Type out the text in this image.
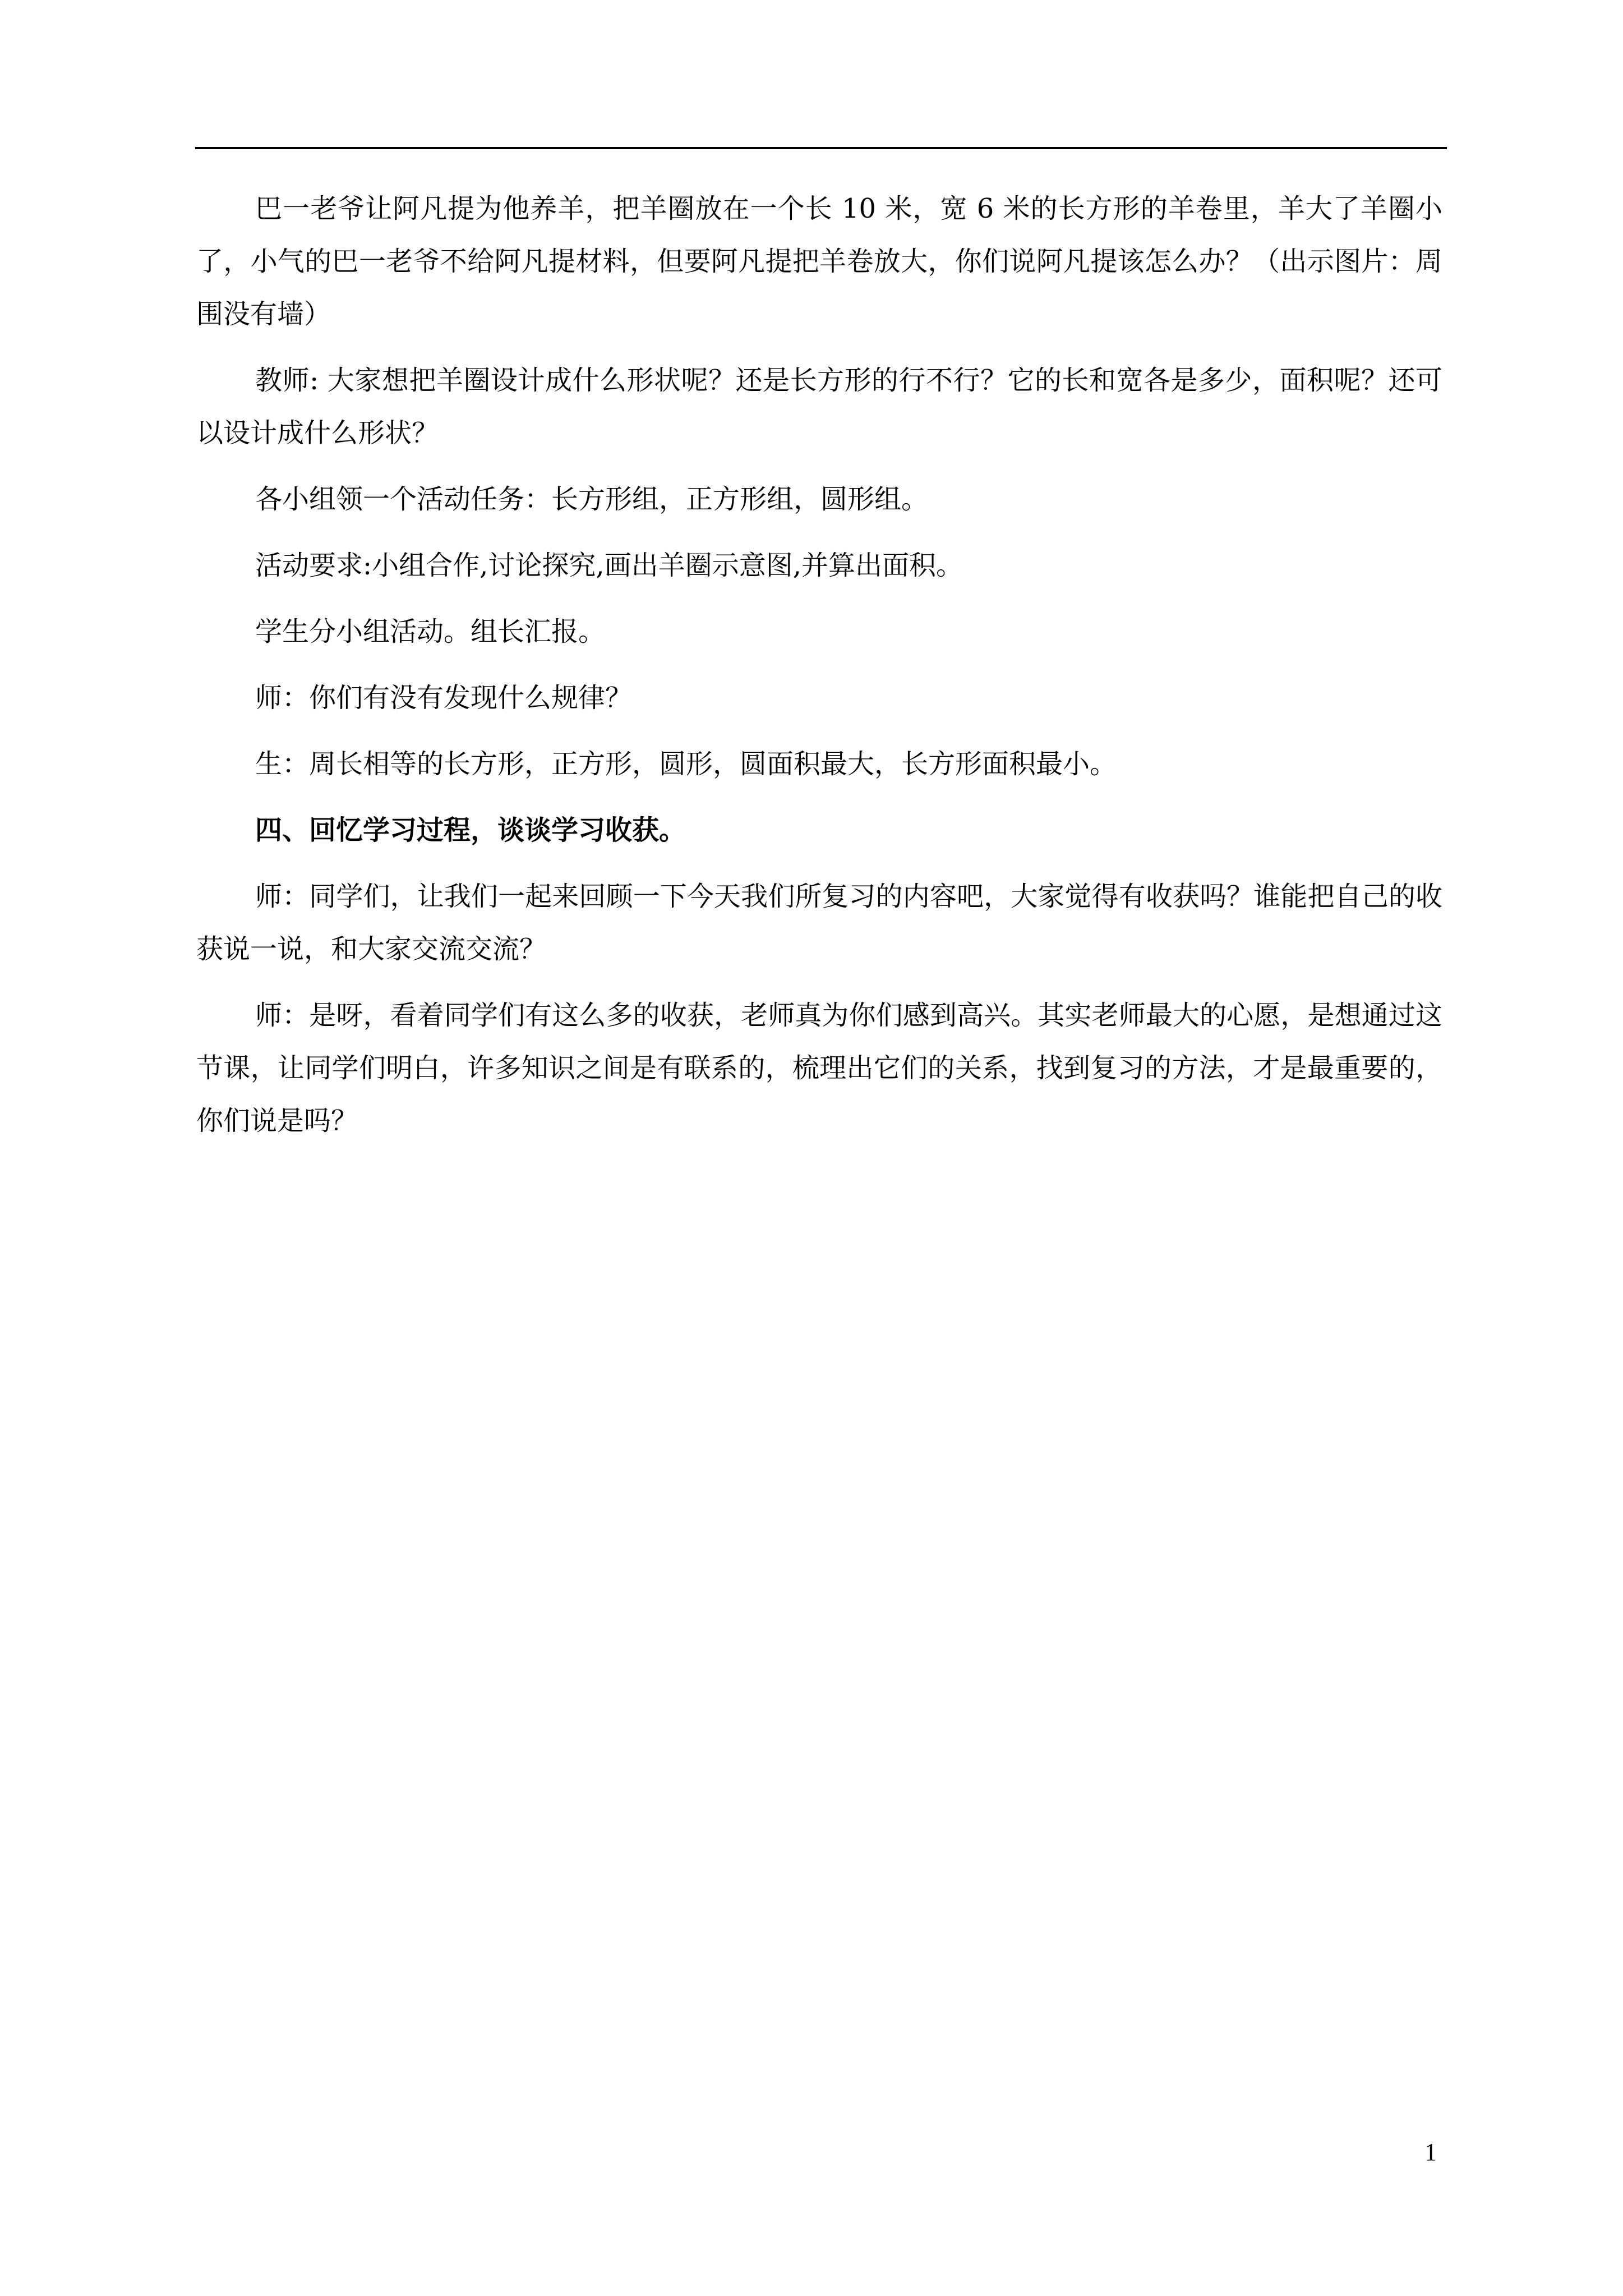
巴一老爷让阿凡提为他养羊，把羊圈放在一个长 10 米，宽 6 米的长方形的羊卷里，羊大了羊圈小了，小气的巴一老爷不给阿凡提材料，但要阿凡提把羊卷放大，你们说阿凡提该怎么办？（出示图片：周围没有墙）

教师: 大家想把羊圈设计成什么形状呢？还是长方形的行不行？它的长和宽各是多少，面积呢？还可以设计成什么形状？

各小组领一个活动任务：长方形组，正方形组，圆形组。

活动要求:小组合作,讨论探究,画出羊圈示意图,并算出面积。

学生分小组活动。组长汇报。

师：你们有没有发现什么规律？

生：周长相等的长方形，正方形，圆形，圆面积最大，长方形面积最小。

四、回忆学习过程，谈谈学习收获。

师：同学们，让我们一起来回顾一下今天我们所复习的内容吧，大家觉得有收获吗？谁能把自己的收获说一说，和大家交流交流？

师：是呀，看着同学们有这么多的收获，老师真为你们感到高兴。其实老师最大的心愿，是想通过这节课，让同学们明白，许多知识之间是有联系的，梳理出它们的关系，找到复习的方法，才是最重要的，你们说是吗？

1
